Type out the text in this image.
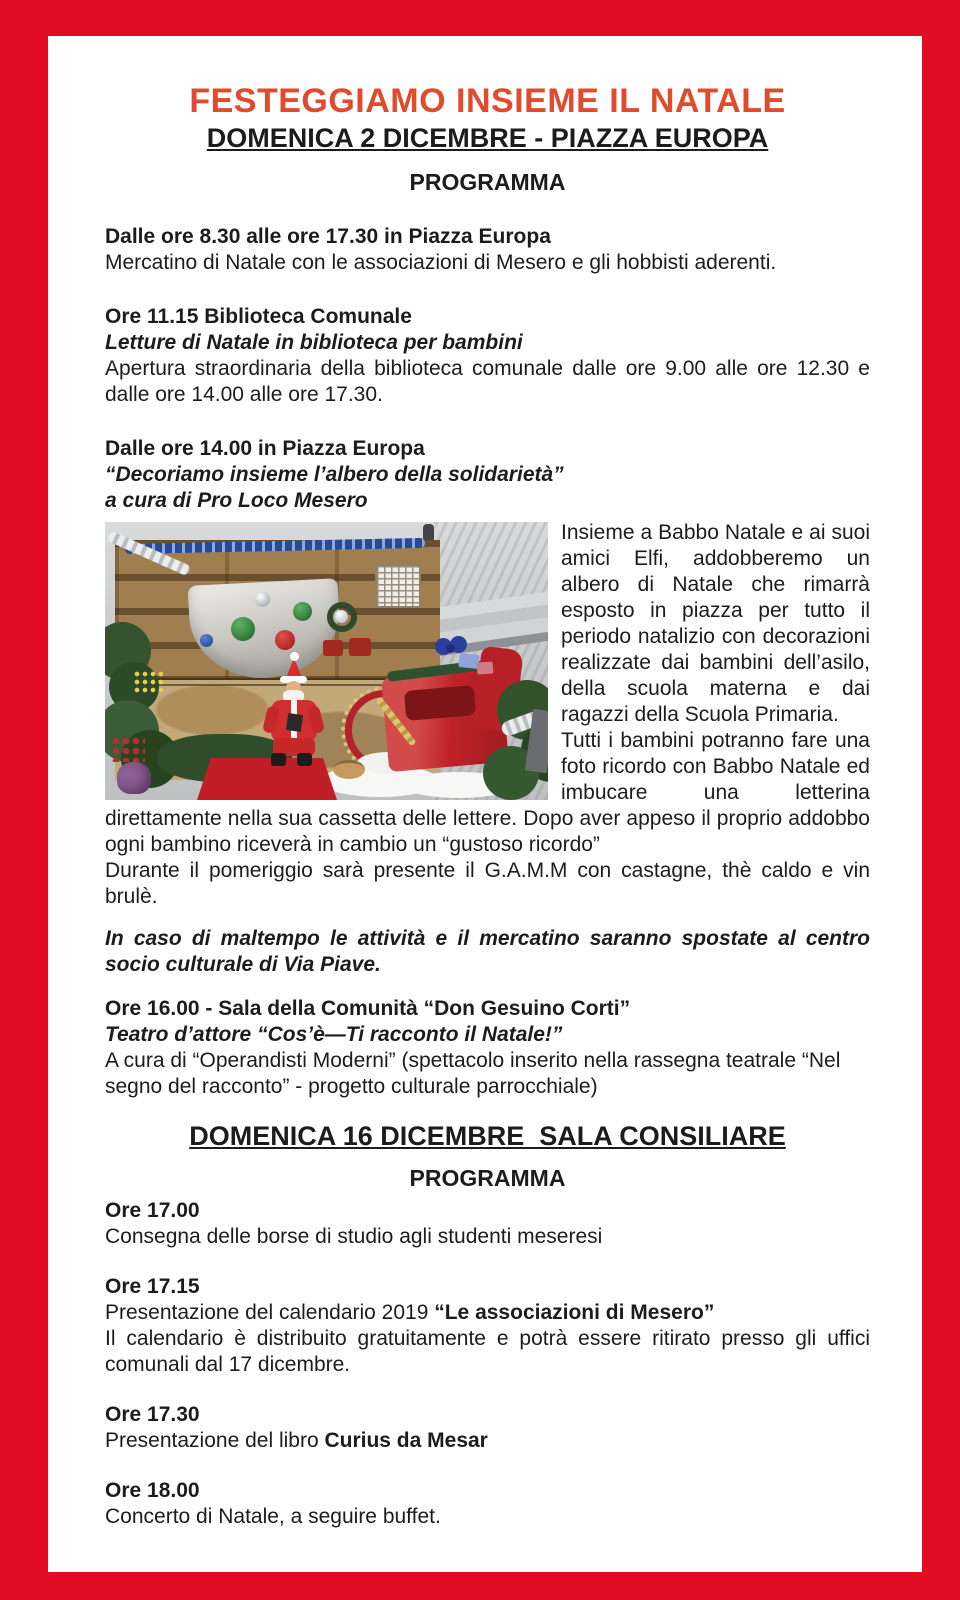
FESTEGGIAMO INSIEME IL NATALE
DOMENICA 2 DICEMBRE - PIAZZA EUROPA
PROGRAMMA
Dalle ore 8.30 alle ore 17.30 in Piazza Europa
Mercatino di Natale con le associazioni di Mesero e gli hobbisti aderenti.
Ore 11.15 Biblioteca Comunale
Letture di Natale in biblioteca per bambini
Apertura straordinaria della biblioteca comunale dalle ore 9.00 alle ore 12.30 e dalle ore 14.00 alle ore 17.30.
Dalle ore 14.00 in Piazza Europa
“Decoriamo insieme l’albero della solidarietà”
a cura di Pro Loco Mesero

Insieme a Babbo Natale e ai suoi amici Elfi, addobberemo un albero di Natale che rimarrà esposto in piazza per tutto il periodo natalizio con decorazioni realizzate dai bambini dell’asilo, della scuola materna e dai ragazzi della Scuola Primaria.

Tutti i bambini potranno fare una foto ricordo con Babbo Natale ed imbucare una letterina direttamente nella sua cassetta delle lettere. Dopo aver appeso il proprio addobbo ogni bambino riceverà in cambio un “gustoso ricordo”

Durante il pomeriggio sarà presente il G.A.M.M con castagne, thè caldo e vin brulè.

In caso di maltempo le attività e il mercatino saranno spostate al centro socio culturale di Via Piave.

Ore 16.00 - Sala della Comunità “Don Gesuino Corti”
Teatro d’attore “Cos’è—Ti racconto il Natale!”
A cura di “Operandisti Moderni” (spettacolo inserito nella rassegna teatrale “Nel segno del racconto” - progetto culturale parrocchiale)
DOMENICA 16 DICEMBRE  SALA CONSILIARE
PROGRAMMA
Ore 17.00
Consegna delle borse di studio agli studenti meseresi
Ore 17.15
Presentazione del calendario 2019 “Le associazioni di Mesero”
Il calendario è distribuito gratuitamente e potrà essere ritirato presso gli uffici comunali dal 17 dicembre.
Ore 17.30
Presentazione del libro Curius da Mesar
Ore 18.00
Concerto di Natale, a seguire buffet.
